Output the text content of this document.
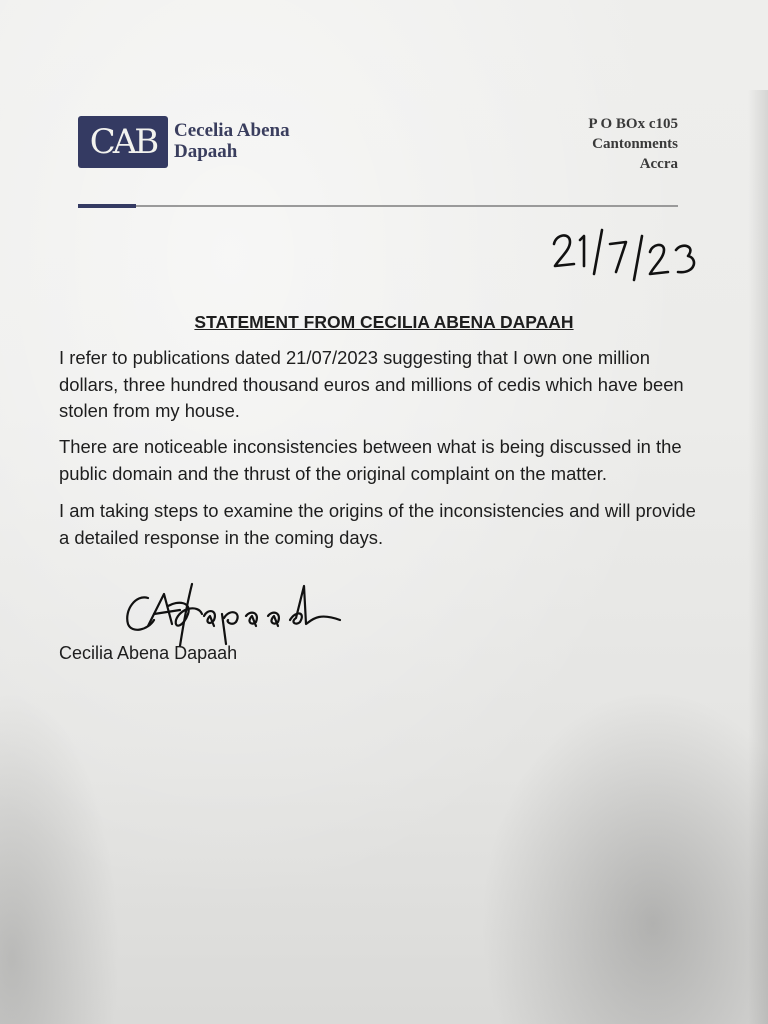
CAB Cecelia Abena
Dapaah
P O BOx c105
Cantonments
Accra
STATEMENT FROM CECILIA ABENA DAPAAH
I refer to publications dated 21/07/2023 suggesting that I own one million dollars, three hundred thousand euros and millions of cedis which have been stolen from my house.
There are noticeable inconsistencies between what is being discussed in the public domain and the thrust of the original complaint on the matter.
I am taking steps to examine the origins of the inconsistencies and will provide a detailed response in the coming days.
Cecilia Abena Dapaah
